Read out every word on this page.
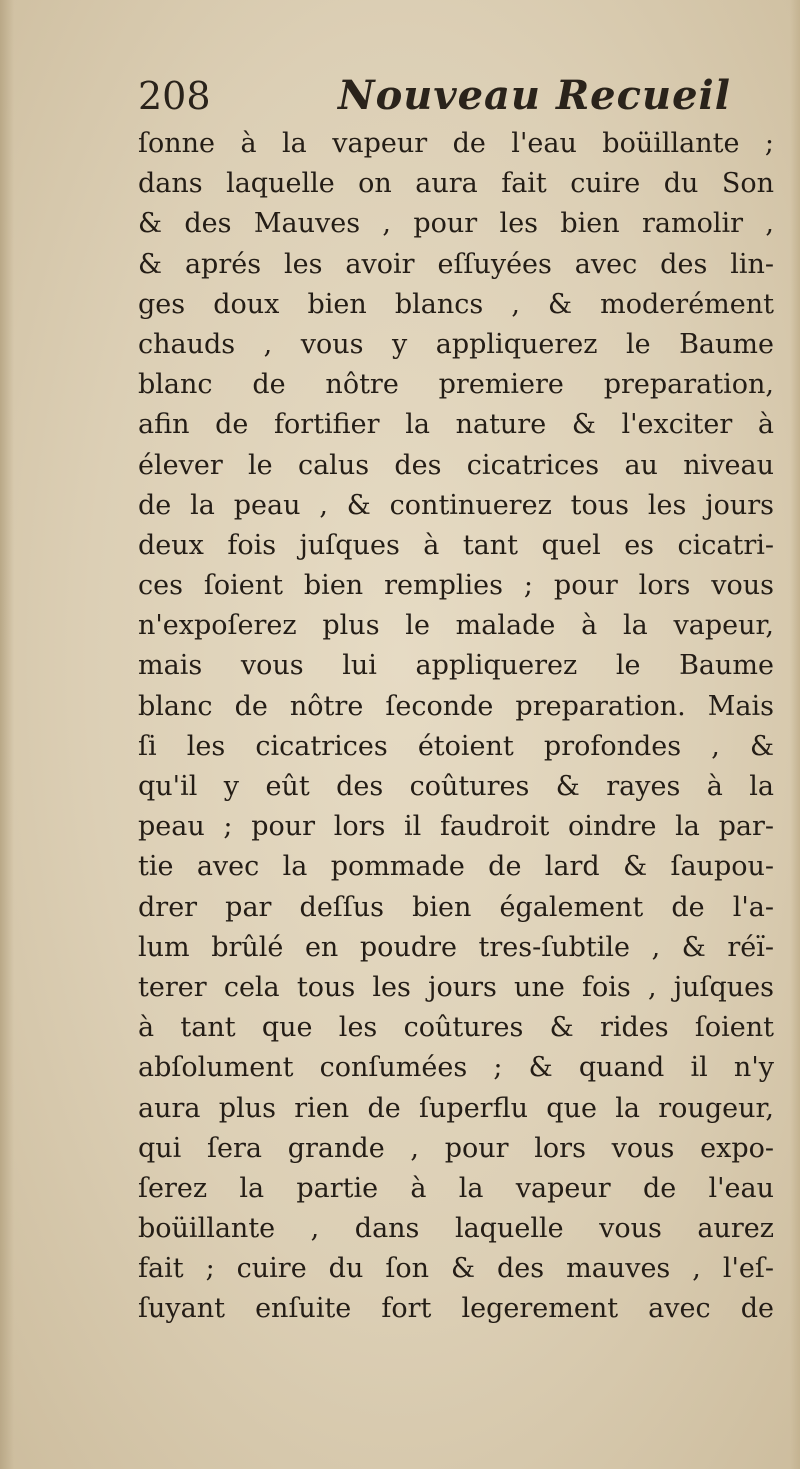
208	Nouveau Recueil
ſonne à la vapeur de l'eau boüillante ;
dans laquelle on aura fait cuire du Son
& des Mauves , pour les bien ramolir ,
& aprés les avoir eſſuyées avec des lin-
ges doux bien blancs , & moderément
chauds , vous y appliquerez le Baume
blanc de nôtre premiere preparation,
afin de fortifier la nature & l'exciter à
élever le calus des cicatrices au niveau
de la peau , & continuerez tous les jours
deux fois juſques à tant quel es cicatri-
ces ſoient bien remplies ; pour lors vous
n'expoſerez plus le malade à la vapeur,
mais vous lui appliquerez le Baume
blanc de nôtre ſeconde preparation. Mais
ſi les cicatrices étoient profondes , &
qu'il y eût des coûtures & rayes à la
peau ; pour lors il faudroit oindre la par-
tie avec la pommade de lard & ſaupou-
drer par deſſus bien également de l'a-
lum brûlé en poudre tres-ſubtile , & réï-
terer cela tous les jours une fois , juſques
à tant que les coûtures & rides ſoient
abſolument conſumées ; & quand il n'y
aura plus rien de ſuperflu que la rougeur,
qui ſera grande , pour lors vous expo-
ſerez la partie à la vapeur de l'eau
boüillante , dans laquelle vous aurez
fait ; cuire du ſon & des mauves , l'eſ-
ſuyant enſuite fort legerement avec de
